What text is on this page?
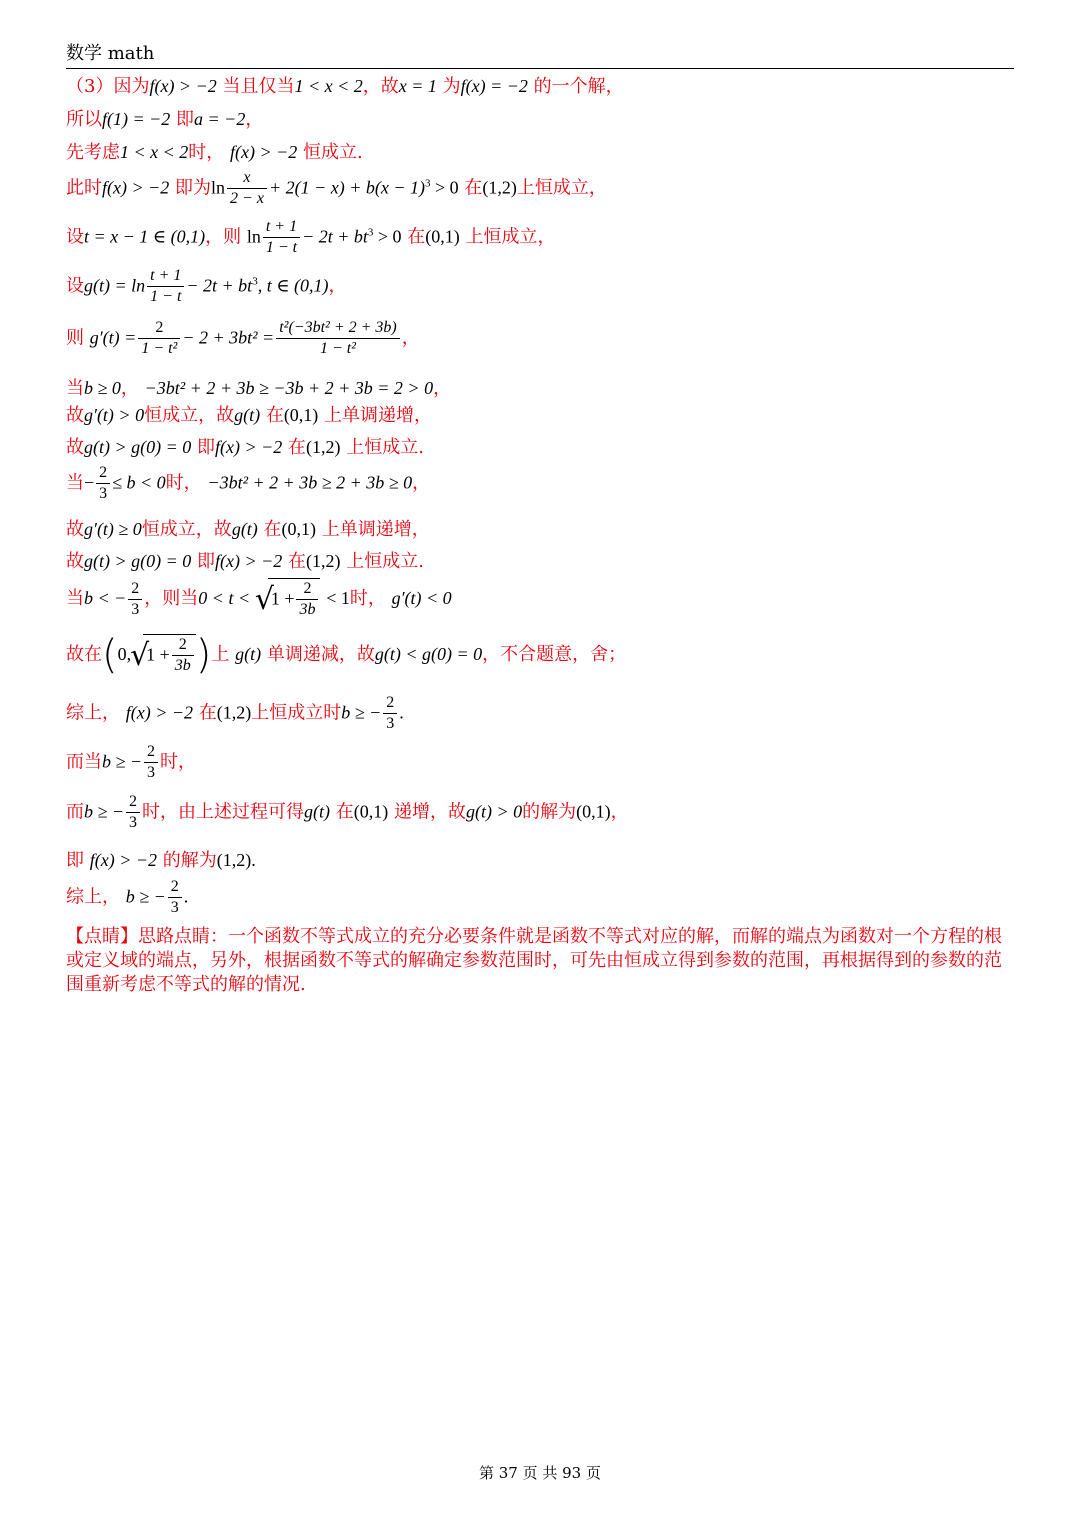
数学 math
（3）因为f(x) > −2 当且仅当1 < x < 2，故x = 1 为f(x) = −2 的一个解，
所以f(1) = −2 即a = −2，
先考虑1 < x < 2时， f(x) > −2 恒成立.
此时f(x) > −2 即为$\ln \frac{x}{2 - x} + 2(1 - x) + b(x - 1)^3 > 0$ 在(1,2)上恒成立，
设t = x − 1 ∈ (0,1)，则 $\ln \frac{t + 1}{1 - t} - 2t + bt^3 > 0$ 在(0,1) 上恒成立，
设$g(t) = \ln \frac{t + 1}{1 - t} - 2t + bt^3$, t ∈ (0,1)，
则 $g'(t) = \frac{2}{\text{1 − t²}} - 2 + 3bt^2 = \frac{\text{t²(−3bt² + 2 + 3b)}}{\text{1 − t²}}$ ，
当b ≥ 0， −3bt² + 2 + 3b ≥ −3b + 2 + 3b = 2 > 0，
故g′(t) > 0恒成立，故g(t) 在(0,1) 上单调递增，
故g(t) > g(0) = 0 即f(x) > −2 在(1,2) 上恒成立.
当− $\frac{2}{3} \le b < 0$时， −3bt² + 2 + 3b ≥ 2 + 3b ≥ 0，
故g′(t) ≥ 0恒成立，故g(t) 在(0,1) 上单调递增，
故g(t) > g(0) = 0 即f(x) > −2 在(1,2) 上恒成立.
当b < − $\frac{2}{3}$ ，则当0 < t < √ $1 + \frac{2}{3b} < 1$时， g′(t) < 0
故在(0, √ $1 + \frac{2}{3b}$ )上 g(t) 单调递减，故g(t) < g(0) = 0，不合题意，舍；
综上， f(x) > −2 在(1,2)上恒成立时b ≥ − $\frac{2}{3}$ .
而当b ≥ − $\frac{2}{3}$ 时，
而b ≥ − $\frac{2}{3}$ 时，由上述过程可得g(t) 在(0,1) 递增，故g(t) > 0的解为(0,1)，
即 f(x) > −2 的解为(1,2).
综上， b ≥ − $\frac{2}{3}$ .
【点睛】思路点睛：一个函数不等式成立的充分必要条件就是函数不等式对应的解，而解的端点为函数对一个方程的根或定义域的端点，另外，根据函数不等式的解确定参数范围时，可先由恒成立得到参数的范围，再根据得到的参数的范围重新考虑不等式的解的情况.
第 37 页 共 93 页
